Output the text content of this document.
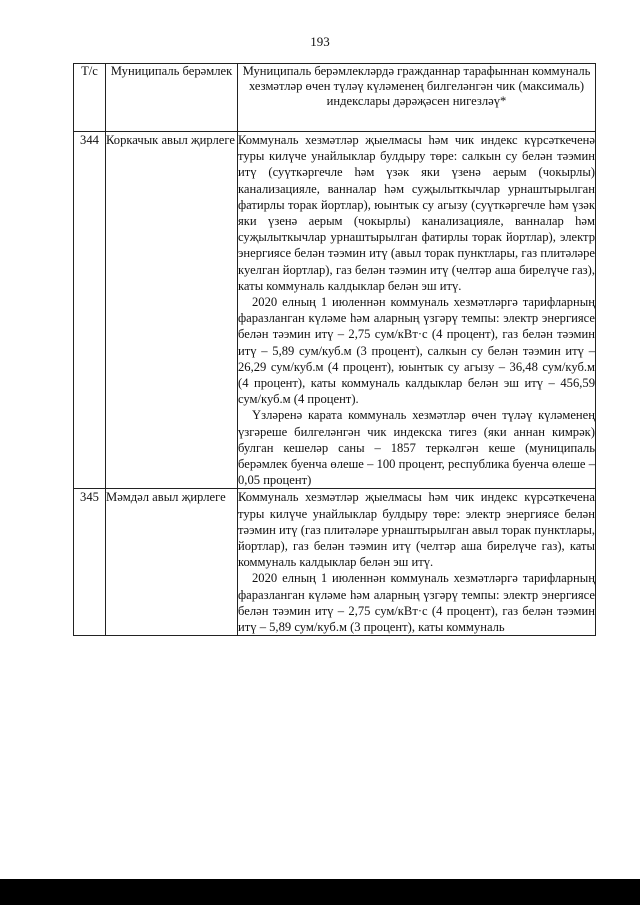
193
Т/с	Муниципаль берәмлек	Муниципаль берәмлекләрдә гражданнар тарафыннан коммуналь хезмәтләр өчен түләү күләменең билгеләнгән чик (максималь) индекслары дәрәҗәсен нигезләү*
344	Коркачык авыл җирлеге	Коммуналь хезмәтләр җыелмасы һәм чик индекс күрсәткеченә туры килүче унайлыклар булдыру төре: салкын су белән тәэмин итү (суүткәргечле һәм үзәк яки үзенә аерым (чокырлы) канализацияле, ванналар һәм суҗылыткычлар урнаштырылган фатирлы торак йортлар), юынтык су агызу (суүткәргечле һәм үзәк яки үзенә аерым (чокырлы) канализацияле, ванналар һәм суҗылыткычлар урнаштырылган фатирлы торак йортлар), электр энергиясе белән тәэмин итү (авыл торак пунктлары, газ плитәләре куелган йортлар), газ белән тәэмин итү (челтәр аша бирелүче газ), каты коммуналь калдыклар белән эш итү.

2020 елның 1 июленнән коммуналь хезмәтләргә тарифларның фаразланган күләме һәм аларның үзгәрү темпы: электр энергиясе белән тәэмин итү – 2,75 сум/кВт·с (4 процент), газ белән тәэмин итү – 5,89 сум/куб.м (3 процент), салкын су белән тәэмин итү – 26,29 сум/куб.м (4 процент), юынтык су агызу – 36,48 сум/куб.м (4 процент), каты коммуналь калдыклар белән эш итү – 456,59 сум/куб.м (4 процент).

Үзләренә карата коммуналь хезмәтләр өчен түләү күләменең үзгәреше билгеләнгән чик индекска тигез (яки аннан кимрәк) булган кешеләр саны – 1857 теркәлгән кеше (муниципаль берәмлек буенча өлеше – 100 процент, республика буенча өлеше – 0,05 процент)

345	Мәмдәл авыл җирлеге	Коммуналь хезмәтләр җыелмасы һәм чик индекс күрсәткечена туры килүче унайлыклар булдыру төре: электр энергиясе белән тәэмин итү (газ плитәләре урнаштырылган авыл торак пунктлары, йортлар), газ белән тәэмин итү (челтәр аша бирелүче газ), каты коммуналь калдыклар белән эш итү.

2020 елның 1 июленнән коммуналь хезмәтләргә тарифларның фаразланган күләме һәм аларның үзгәрү темпы: электр энергиясе белән тәэмин итү – 2,75 сум/кВт·с (4 процент), газ белән тәэмин итү – 5,89 сум/куб.м (3 процент), каты коммуналь
